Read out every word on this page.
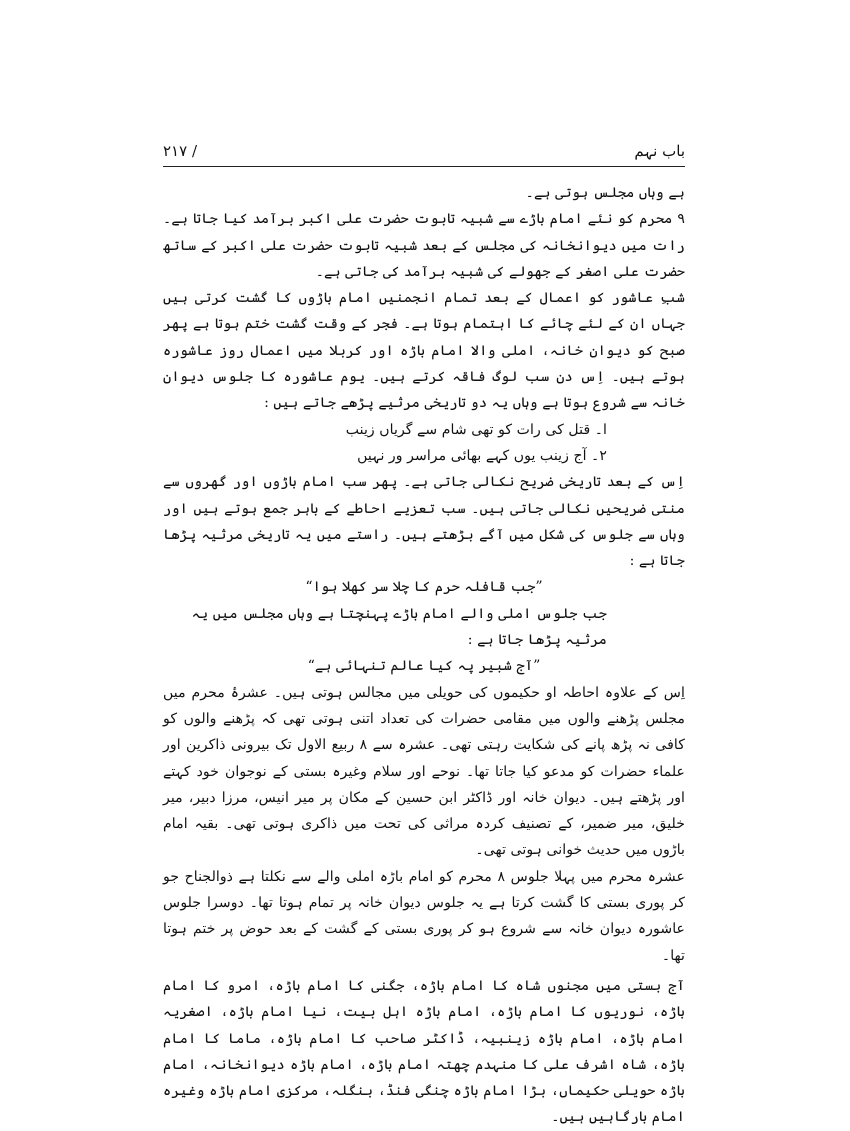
باب نہم
/ ۲۱۷

ہے وہاں مجلس ہوتی ہے۔

۹ محرم کو نئے امام باڑے سے شبیہ تابوت حضرت علی اکبر برآمد کیا جاتا ہے۔ رات میں دیوانخانہ کی مجلس کے بعد شبیہ تابوت حضرت علی اکبر کے ساتھ حضرت علی اصغر کے جھولے کی شبیہ برآمد کی جاتی ہے۔

شبِ عاشور کو اعمال کے بعد تمام انجمنیں امام باڑوں کا گشت کرتی ہیں جہاں ان کے لئے چائے کا اہتمام ہوتا ہے۔ فجر کے وقت گشت ختم ہوتا ہے پھر صبح کو دیوان خانہ، املی والا امام باڑہ اور کربلا میں اعمال روز عاشورہ ہوتے ہیں۔ اِس دن سب لوگ فاقہ کرتے ہیں۔ یوم عاشورہ کا جلوس دیوان خانہ سے شروع ہوتا ہے وہاں یہ دو تاریخی مرثیے پڑھے جاتے ہیں :

ا۔ قتل کی رات کو تھی شام سے گریاں زینب

۲۔ آج زینب یوں کہے بھائی مراسر ور نہیں

اِس کے بعد تاریخی ضریح نکالی جاتی ہے۔ پھر سب امام باڑوں اور گھروں سے منتی ضریحیں نکالی جاتی ہیں۔ سب تعزیے احاطے کے باہر جمع ہوتے ہیں اور وہاں سے جلوس کی شکل میں آگے بڑھتے ہیں۔ راستے میں یہ تاریخی مرثیہ پڑھا جاتا ہے :

”جب قافلہ حرم کا چلا سر کھلا ہوا“

جب جلوس املی والے امام باڑے پہنچتا ہے وہاں مجلس میں یہ مرثیہ پڑھا جاتا ہے :

”آج شبیر پہ کیا عالم تنہائی ہے“

اِس کے علاوہ احاطہ او حکیموں کی حویلی میں مجالس ہوتی ہیں۔ عشرۂ محرم میں مجلس پڑھنے والوں میں مقامی حضرات کی تعداد اتنی ہوتی تھی کہ پڑھنے والوں کو کافی نہ پڑھ پانے کی شکایت رہتی تھی۔ عشرہ سے ۸ ربیع الاول تک بیرونی ذاکرین اور علماء حضرات کو مدعو کیا جاتا تھا۔ نوحے اور سلام وغیرہ بستی کے نوجوان خود کہتے اور پڑھتے ہیں۔ دیوان خانہ اور ڈاکٹر ابن حسین کے مکان پر میر انیس، مرزا دبیر، میر خلیق، میر ضمیر، کے تصنیف کردہ مراثی کی تحت میں ذاکری ہوتی تھی۔ بقیہ امام باڑوں میں حدیث خوانی ہوتی تھی۔

عشرہ محرم میں پہلا جلوس ۸ محرم کو امام باڑہ املی والے سے نکلتا ہے ذوالجناح جو کر پوری بستی کا گشت کرتا ہے یہ جلوس دیوان خانہ پر تمام ہوتا تھا۔ دوسرا جلوس عاشورہ دیوان خانہ سے شروع ہو کر پوری بستی کے گشت کے بعد حوض پر ختم ہوتا تھا۔

آج بستی میں مجنوں شاہ کا امام باڑہ، جگنی کا امام باڑہ، امرو کا امام باڑہ، نوریوں کا امام باڑہ، امام باڑہ اہل بیت، نیا امام باڑہ، اصغریہ امام باڑہ، امام باڑہ زینبیہ، ڈاکٹر صاحب کا امام باڑہ، ماما کا امام باڑہ، شاہ اشرف علی کا منہدم چھتہ امام باڑہ، امام باڑہ دیوانخانہ، امام باڑہ حویلی حکیماں، بڑا امام باڑہ چنگی فنڈ، بنگلہ، مرکزی امام باڑہ وغیرہ امام بارگاہیں ہیں۔
